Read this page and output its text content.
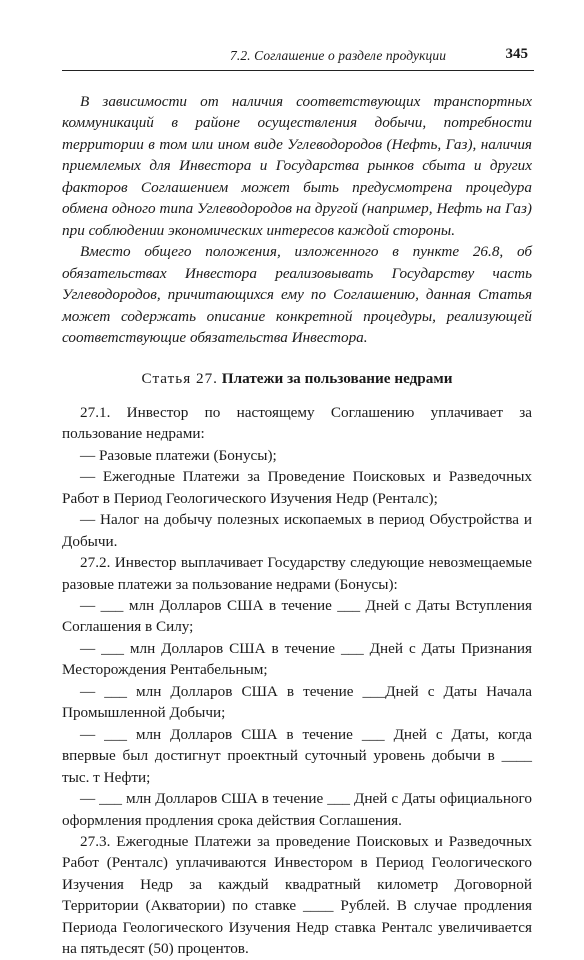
7.2. Соглашение о разделе продукции	345

В зависимости от наличия соответствующих транспортных коммуникаций в районе осуществления добычи, потребности территории в том или ином виде Углеводородов (Нефть, Газ), наличия приемлемых для Инвестора и Государства рынков сбыта и других факторов Соглашением может быть предусмотрена процедура обмена одного типа Углеводородов на другой (например, Нефть на Газ) при соблюдении экономических интересов каждой стороны.

Вместо общего положения, изложенного в пункте 26.8, об обязательствах Инвестора реализовывать Государству часть Углеводородов, причитающихся ему по Соглашению, данная Статья может содержать описание конкретной процедуры, реализующей соответствующие обязательства Инвестора.

Статья 27. Платежи за пользование недрами

27.1. Инвестор по настоящему Соглашению уплачивает за пользование недрами:

— Разовые платежи (Бонусы);

— Ежегодные Платежи за Проведение Поисковых и Разведочных Работ в Период Геологического Изучения Недр (Ренталс);

— Налог на добычу полезных ископаемых в период Обустройства и Добычи.

27.2. Инвестор выплачивает Государству следующие невозмещаемые разовые платежи за пользование недрами (Бонусы):

— ___ млн Долларов США в течение ___ Дней с Даты Вступления Соглашения в Силу;

— ___ млн Долларов США в течение ___ Дней с Даты Признания Месторождения Рентабельным;

— ___ млн Долларов США в течение ___Дней с Даты Начала Промышленной Добычи;

— ___ млн Долларов США в течение ___ Дней с Даты, когда впервые был достигнут проектный суточный уровень добычи в ____ тыс. т Нефти;

— ___ млн Долларов США в течение ___ Дней с Даты официального оформления продления срока действия Соглашения.

27.3. Ежегодные Платежи за проведение Поисковых и Разведочных Работ (Ренталс) уплачиваются Инвестором в Период Геологического Изучения Недр за каждый квадратный километр Договорной Территории (Акватории) по ставке ____ Рублей. В случае продления Периода Геологического Изучения Недр ставка Ренталс увеличивается на пятьдесят (50) процентов.
